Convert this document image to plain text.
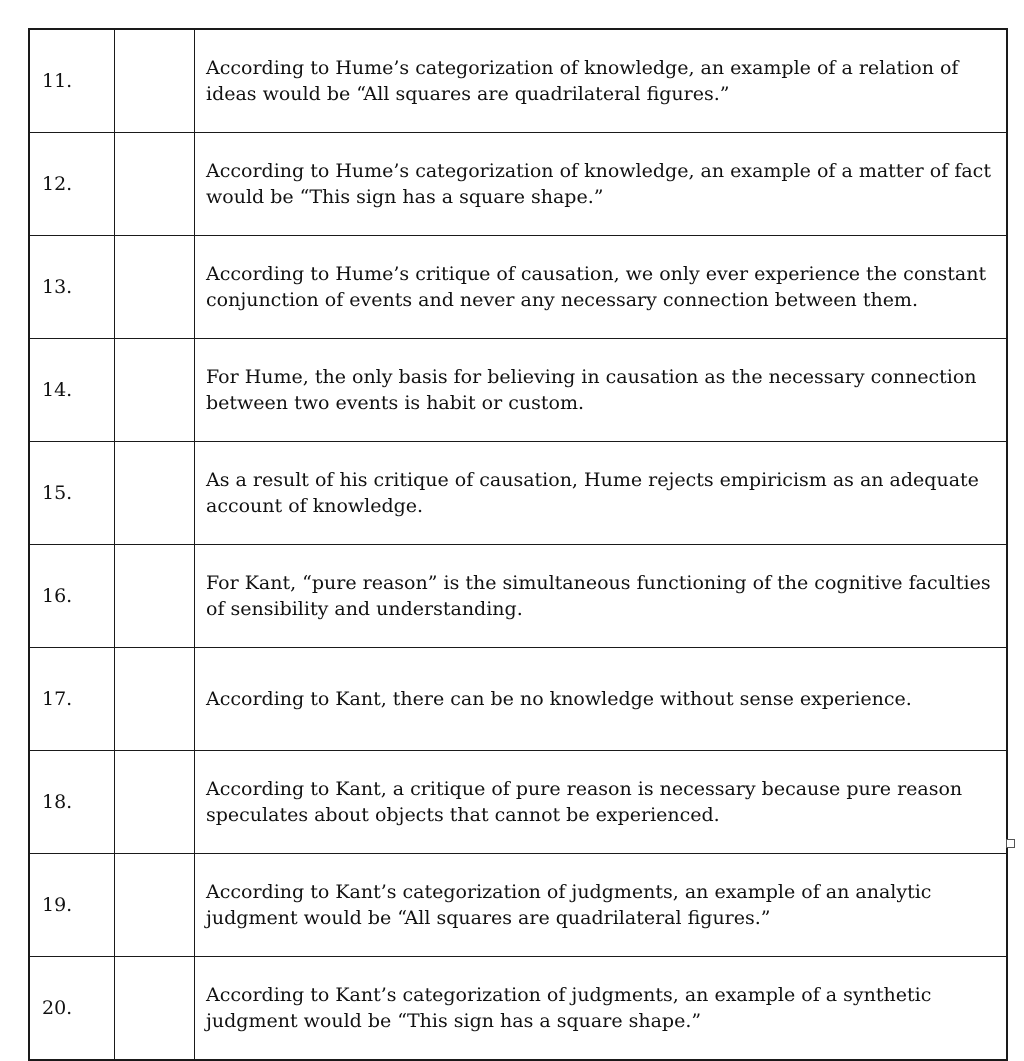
11.		According to Hume’s categorization of knowledge, an example of a relation of ideas would be “All squares are quadrilateral figures.”
12.		According to Hume’s categorization of knowledge, an example of a matter of fact would be “This sign has a square shape.”
13.		According to Hume’s critique of causation, we only ever experience the constant conjunction of events and never any necessary connection between them.
14.		For Hume, the only basis for believing in causation as the necessary connection between two events is habit or custom.
15.		As a result of his critique of causation, Hume rejects empiricism as an adequate account of knowledge.
16.		For Kant, “pure reason” is the simultaneous functioning of the cognitive faculties of sensibility and understanding.
17.		According to Kant, there can be no knowledge without sense experience.
18.		According to Kant, a critique of pure reason is necessary because pure reason speculates about objects that cannot be experienced.
19.		According to Kant’s categorization of judgments, an example of an analytic judgment would be “All squares are quadrilateral figures.”
20.		According to Kant’s categorization of judgments, an example of a synthetic judgment would be “This sign has a square shape.”
